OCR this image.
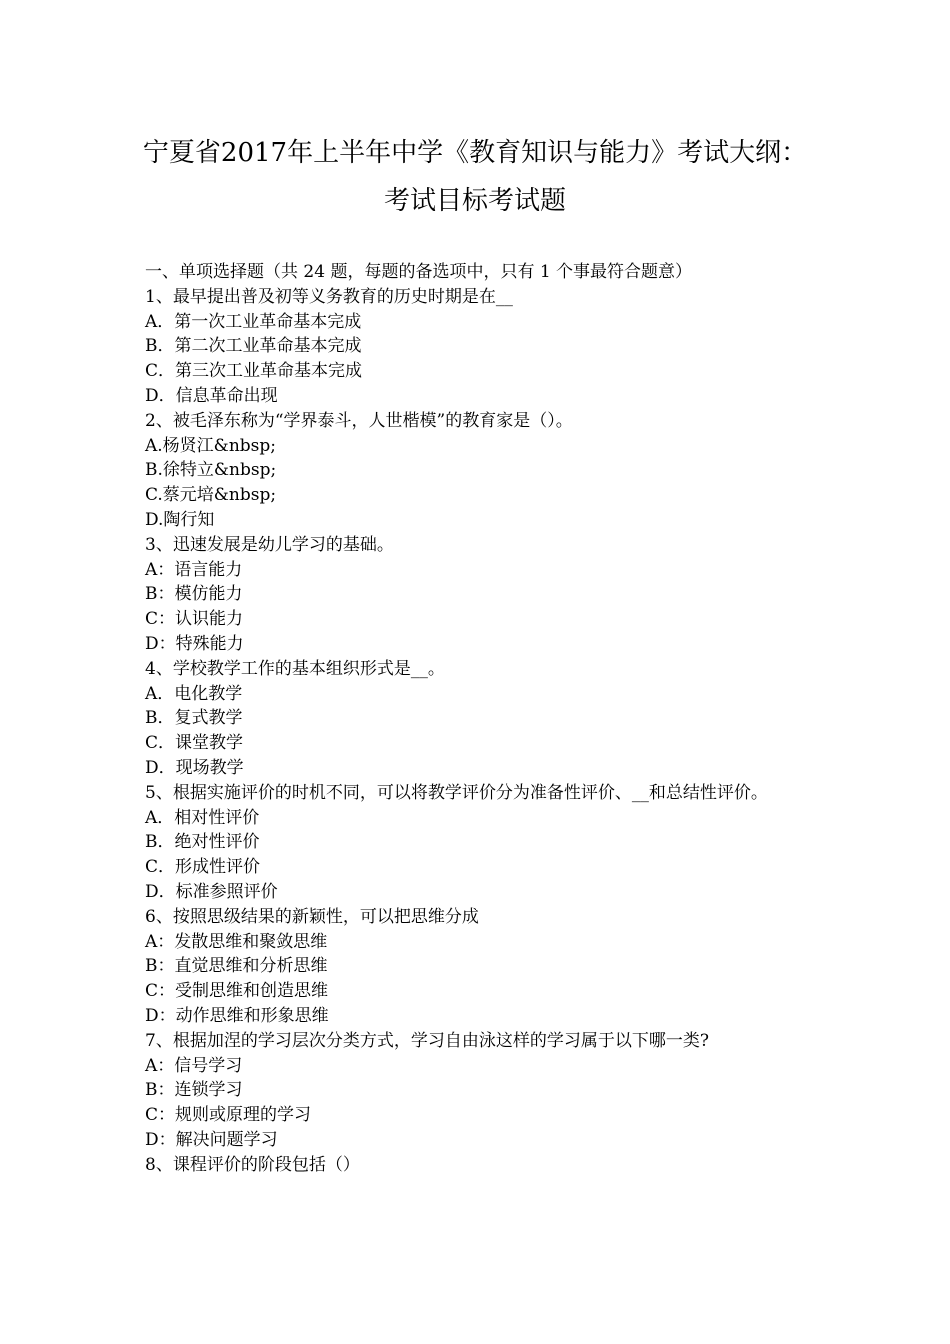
宁夏省2017年上半年中学《教育知识与能力》考试大纲：
考试目标考试题
一、单项选择题（共 24 题，每题的备选项中，只有 1 个事最符合题意）
1、最早提出普及初等义务教育的历史时期是在__
A．第一次工业革命基本完成
B．第二次工业革命基本完成
C．第三次工业革命基本完成
D．信息革命出现
2、被毛泽东称为“学界泰斗，人世楷模”的教育家是（）。
A.杨贤江&nbsp;
B.徐特立&nbsp;
C.蔡元培&nbsp;
D.陶行知
3、迅速发展是幼儿学习的基础。
A：语言能力
B：模仿能力
C：认识能力
D：特殊能力
4、学校教学工作的基本组织形式是__。
A．电化教学
B．复式教学
C．课堂教学
D．现场教学
5、根据实施评价的时机不同，可以将教学评价分为准备性评价、__和总结性评价。
A．相对性评价
B．绝对性评价
C．形成性评价
D．标准参照评价
6、按照思级结果的新颖性，可以把思维分成
A：发散思维和聚敛思维
B：直觉思维和分析思维
C：受制思维和创造思维
D：动作思维和形象思维
7、根据加涅的学习层次分类方式，学习自由泳这样的学习属于以下哪一类?
A：信号学习
B：连锁学习
C：规则或原理的学习
D：解决问题学习
8、课程评价的阶段包括（）
